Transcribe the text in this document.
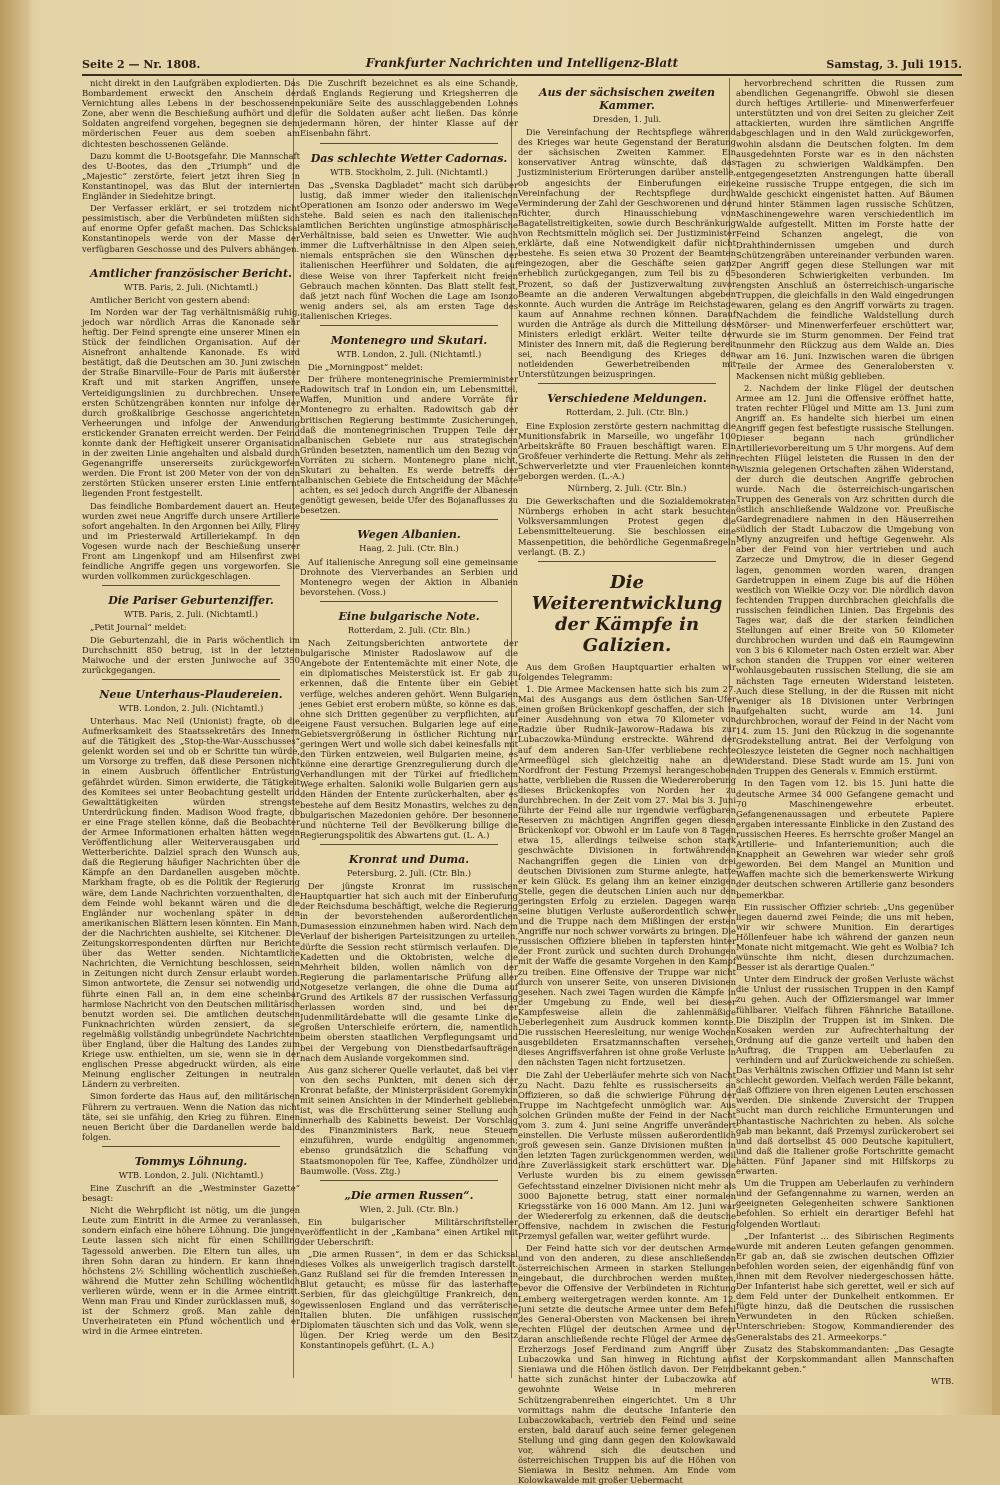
Seite 2 — Nr. 1808.	Frankfurter Nachrichten und Intelligenz-Blatt	Samstag, 3. Juli 1915.

nicht direkt in den Laufgräben explodierten. Das Bombardement erweckt den Anschein der Vernichtung alles Lebens in der beschossenen Zone, aber wenn die Beschießung aufhört und die Soldaten angreifend vorgehen, begegnen sie dem mörderischen Feuer aus dem soeben am dichtesten beschossenen Gelände.

Dazu kommt die U-Bootsgefahr. Die Mannschaft des U-Bootes, das den „Triumph“ und die „Majestic“ zerstörte, feiert jetzt ihren Sieg in Konstantinopel, was das Blut der internierten Engländer in Siedehitze bringt.

Der Verfasser erklärt, er sei trotzdem nicht pessimistisch, aber die Verbündeten müßten sich auf enorme Opfer gefaßt machen. Das Schicksal Konstantinopels werde von der Masse der verfügbaren Geschosse und des Pulvers abhängen.

Amtlicher französischer Bericht.
WTB. Paris, 2. Juli. (Nichtamtl.)

Amtlicher Bericht von gestern abend:

Im Norden war der Tag verhältnismäßig ruhig, jedoch war nördlich Arras die Kanonade sehr heftig. Der Feind sprengte eine unserer Minen ein Stück der feindlichen Organisation. Auf der Aisnefront anhaltende Kanonade. Es wird bestätigt, daß die Deutschen am 30. Juni zwischen der Straße Binarville–Four de Paris mit äußerster Kraft und mit starken Angriffen, unsere Verteidigungslinien zu durchbrechen. Unsere ersten Schützengräben konnten nur infolge der durch großkalibrige Geschosse angerichteten Verheerungen und infolge der Anwendung erstickender Granaten erreicht werden. Der Feind konnte dank der Heftigkeit unserer Organisation in der zweiten Linie angehalten und alsbald durch Gegenangriffe unsererseits zurückgeworfen werden. Die Front ist 200 Meter von der von den zerstörten Stücken unserer ersten Linie entfernt liegenden Front festgestellt.

Das feindliche Bombardement dauert an. Heute wurden zwei neue Angriffe durch unsere Artillerie sofort angehalten. In den Argonnen bei Ailly, Flirey und im Priesterwald Artilleriekampf. In den Vogesen wurde nach der Beschießung unserer Front am Lingenkopf und am Hilsenfirst zwei feindliche Angriffe gegen uns vorgeworfen. Sie wurden vollkommen zurückgeschlagen.

Die Pariser Geburtenziffer.
WTB. Paris, 2. Juli. (Nichtamtl.)

„Petit Journal“ meldet:

Die Geburtenzahl, die in Paris wöchentlich im Durchschnitt 850 betrug, ist in der letzten Maiwoche und der ersten Juniwoche auf 350 zurückgegangen.

Neue Unterhaus-Plaudereien.
WTB. London, 2. Juli. (Nichtamtl.)

Unterhaus. Mac Neil (Unionist) fragte, ob die Aufmerksamkeit des Staatssekretärs des Innern auf die Tätigkeit des „Stop-the-War-Ausschusses“ gelenkt worden sei und ob er Schritte tun würde, um Vorsorge zu treffen, daß diese Personen nicht in einem Ausbruch öffentlicher Entrüstung gefährdet würden. Simon erwiderte, die Tätigkeit des Komitees sei unter Beobachtung gestellt und Gewalttätigkeiten würden strengste Unterdrückung finden. Madison Wood fragte, ob er eine Frage stellen könne, daß die Beobachter der Armee Informationen erhalten hätten wegen Veröffentlichung aller Weiterverausgaben und Wetterberichte. Dalziel sprach den Wunsch aus, daß die Regierung häufiger Nachrichten über die Kämpfe an den Dardanellen ausgeben möchte. Markham fragte, ob es die Politik der Regierung wäre, dem Lande Nachrichten vorzuenthalten, die dem Feinde wohl bekannt wären und die die Engländer nur wochenlang später in den amerikanischen Blättern lesen könnten. Ein Mann, der die Nachrichten aushielte, sei Kitchener. Die Zeitungskorrespondenten dürften nur Berichte über das Wetter senden. Nichtamtliche Nachrichten, die Vernichtung beschlossen, seien in Zeitungen nicht durch Zensur erlaubt worden. Simon antwortete, die Zensur sei notwendig und führte einen Fall an, in dem eine scheinbar harmlose Nachricht von den Deutschen militärisch benutzt worden sei. Die amtlichen deutschen Funknachrichten würden zensiert, da sie regelmäßig vollständig unbegründete Nachrichten über England, über die Haltung des Landes zum Kriege usw. enthielten, um sie, wenn sie in der englischen Presse abgedruckt würden, als eine Meinung englischer Zeitungen in neutralen Ländern zu verbreiten.

Simon forderte das Haus auf, den militärischen Führern zu vertrauen. Wenn die Nation das nicht täte, sei sie unfähig, den Krieg zu führen. Einen neuen Bericht über die Dardanellen werde bald folgen.

Tommys Löhnung.
WTB. London, 2. Juli. (Nichtamtl.)

Eine Zuschrift an die „Westminster Gazette“ besagt:

Nicht die Wehrpflicht ist nötig, um die jungen Leute zum Eintritt in die Armee zu veranlassen, sondern einfach eine höhere Löhnung. Die jungen Leute lassen sich nicht für einen Schilling Tagessold anwerben. Die Eltern tun alles, um ihren Sohn daran zu hindern. Er kann ihnen höchstens 2½ Schilling wöchentlich zuschießen, während die Mutter zehn Schilling wöchentlich verlieren würde, wenn er in die Armee eintritt. Wenn man Frau und Kinder zurücklassen muß, so ist der Schmerz groß. Man zahle den Unverheirateten ein Pfund wöchentlich und er wird in die Armee eintreten.

Die Zuschrift bezeichnet es als eine Schande, daß Englands Regierung und Kriegsherren die pekuniäre Seite des ausschlaggebenden Lohnes für die Soldaten außer acht ließen. Das könne jedermann hören, der hinter Klasse auf der Eisenbahn fährt.

Das schlechte Wetter Cadornas.
WTB. Stockholm, 2. Juli. (Nichtamtl.)

Das „Svenska Dagbladet“ macht sich darüber lustig, daß immer wieder den italienischen Operationen am Isonzo oder anderswo im Wege stehe. Bald seien es nach den italienischen amtlichen Berichten ungünstige atmosphärische Verhältnisse, bald seien es Unwetter. Wie auch immer die Luftverhältnisse in den Alpen seien, niemals entsprächen sie den Wünschen der italienischen Heerführer und Soldaten, die auf diese Weise von ihrer Tapferkeit nicht freien Gebrauch machen könnten. Das Blatt stellt fest, daß jetzt nach fünf Wochen die Lage am Isonzo wenig anders sei, als am ersten Tage des italienischen Krieges.

Montenegro und Skutari.
WTB. London, 2. Juli. (Nichtamtl.)

Die „Morningpost“ meldet:

Der frühere montenegrinische Premierminister Radowitsch traf in London ein, um Lebensmittel, Waffen, Munition und andere Vorräte für Montenegro zu erhalten. Radowitsch gab der britischen Regierung bestimmte Zusicherungen, daß die montenegrinischen Truppen Teile der albanischen Gebiete nur aus strategischen Gründen besetzten, namentlich um den Bezug von Vorräten zu sichern. Montenegro plane nicht, Skutari zu behalten. Es werde betreffs der albanischen Gebiete die Entscheidung der Mächte achten, es sei jedoch durch Angriffe der Albanesen genötigt gewesen, beide Ufer des Bojanaflusses zu besetzen.

Wegen Albanien.
Haag, 2. Juli. (Ctr. Bln.)

Auf italienische Anregung soll eine gemeinsame Drohnote des Vierverbandes an Serbien und Montenegro wegen der Aktion in Albanien bevorstehen. (Voss.)

Eine bulgarische Note.
Rotterdam, 2. Juli. (Ctr. Bln.)

Nach Zeitungsberichten antwortete der bulgarische Minister Radoslawow auf die Angebote der Ententemächte mit einer Note, die ein diplomatisches Meisterstück ist. Er gab zu erkennen, daß die Entente über ein Gebiet verfüge, welches anderen gehört. Wenn Bulgarien jenes Gebiet erst erobern müßte, so könne es das, ohne sich Dritten gegenüber zu verpflichten, auf eigene Faust versuchen. Bulgarien lege auf eine Gebietsvergrößerung in östlicher Richtung nur geringen Wert und wolle sich dabei keinesfalls mit den Türken entzweien, weil Bulgarien meine, es könne eine derartige Grenzregulierung durch die Verhandlungen mit der Türkei auf friedlichem Wege erhalten. Saloniki wolle Bulgarien gern aus den Händen der Entente zurückerhalten, aber es bestehe auf dem Besitz Monastirs, welches zu den bulgarischen Mazedonien gehöre. Der besonnene und nüchterne Teil der Bevölkerung billige die Regierungspolitik des Abwartens gut. (L. A.)

Kronrat und Duma.
Petersburg, 2. Juli. (Ctr. Bln.)

Der jüngste Kronrat im russischen Hauptquartier hat sich auch mit der Einberufung der Reichsduma beschäftigt, welche die Regierung in der bevorstehenden außerordentlichen Dumasession einzunehmen haben wird. Nach dem Verlauf der bisherigen Parteisitzungen zu urteilen, dürfte die Session recht stürmisch verlaufen. Die Kadetten und die Oktobristen, welche die Mehrheit bilden, wollen nämlich von der Regierung die parlamentarische Prüfung aller Notgesetze verlangen, die ohne die Duma auf Grund des Artikels 87 der russischen Verfassung erlassen worden sind, und bei der Judenmilitärdebatte will die gesamte Linke die großen Unterschleife erörtern, die, namentlich beim obersten staatlichen Verpflegungsamt und bei der Vergebung von Dienstbedarfsaufträgen nach dem Auslande vorgekommen sind.

Aus ganz sicherer Quelle verlautet, daß bei vier von den sechs Punkten, mit denen sich der Kronrat befaßte, der Ministerpräsident Goremykin mit seinen Ansichten in der Minderheit geblieben ist, was die Erschütterung seiner Stellung auch innerhalb des Kabinetts beweist. Der Vorschlag des Finanzministers Bark, neue Steuern einzuführen, wurde endgültig angenommen; ebenso grundsätzlich die Schaffung von Staatsmonopolen für Tee, Kaffee, Zündhölzer und Baumwolle. (Voss. Ztg.)

„Die armen Russen“.
Wien, 2. Juli. (Ctr. Bln.)

Ein bulgarischer Militärschriftsteller veröffentlicht in der „Kambana“ einen Artikel mit der Ueberschrift:

„Die armen Russen“, in dem er das Schicksal dieses Volkes als unweigerlich tragisch darstellt. Ganz Rußland sei für die fremden Interessen in Blut getaucht; es müsse für das lasterhafte Serbien, für das gleichgültige Frankreich, den gewissenlosen England und das verräterische Italien bluten. Die unfähigen russischen Diplomaten täuschten sich und das Volk, wenn sie lügen. Der Krieg werde um den Besitz Konstantinopels geführt. (L. A.)

Aus der sächsischen zweiten Kammer.
Dresden, 1. Juli.

Die Vereinfachung der Rechtspflege während des Krieges war heute Gegenstand der Beratung der sächsischen Zweiten Kammer. Ein konservativer Antrag wünschte, daß das Justizministerium Erörterungen darüber anstelle, ob angesichts der Einberufungen eine Vereinfachung der Rechtspflege durch Verminderung der Zahl der Geschworenen und der Richter, durch Hinausschiebung von Bagatellstreitigkeiten, sowie durch Beschränkung von Rechtsmitteln möglich sei. Der Justizminister erklärte, daß eine Notwendigkeit dafür nicht bestehe. Es seien etwa 30 Prozent der Beamten eingezogen, aber die Geschäfte seien ganz erheblich zurückgegangen, zum Teil bis zu 65 Prozent, so daß der Justizverwaltung zuvor Beamte an die anderen Verwaltungen abgeben konnte. Auch wurden die Anträge im Reichstage kaum auf Annahme rechnen können. Darauf wurden die Anträge als durch die Mitteilung des Ministers erledigt erklärt. Weiter teilte der Minister des Innern mit, daß die Regierung bereit sei, nach Beendigung des Krieges den notleidenden Gewerbetreibenden mit Unterstützungen beizuspringen.

Verschiedene Meldungen.
Rotterdam, 2. Juli. (Ctr. Bln.)

Eine Explosion zerstörte gestern nachmittag die Munitionsfabrik in Marseille, wo ungefähr 100 Arbeitskräfte 80 Frauen beschäftigt waren. Ein Großfeuer verhinderte die Rettung. Mehr als zehn Schwerverletzte und vier Frauenleichen konnten geborgen werden. (L.-A.)

Nürnberg, 2. Juli. (Ctr. Bln.)

Die Gewerkschaften und die Sozialdemokraten Nürnbergs erhoben in acht stark besuchten Volksversammlungen Protest gegen die Lebensmittelteuerung. Sie beschlossen eine Massenpetition, die behördliche Gegenmaßregeln verlangt. (B. Z.)

Die Weiterentwicklung der Kämpfe in Galizien.

Aus dem Großen Hauptquartier erhalten wir folgendes Telegramm:

1. Die Armee Mackensen hatte sich bis zum 27. Mai des Ausgangs aus dem östlichen San-Ufer einen großen Brückenkopf geschaffen, der sich in einer Ausdehnung von etwa 70 Kilometer von Radzie über Rudnik–Jaworow–Radawa bis zur Lubaczowka-Mündung erstreckte. Während der auf dem anderen San-Ufer verbliebene rechte Armeeflügel sich gleichzeitig nahe an die Nordfront der Festung Przemysl herangeschoben hatte, verblieben die Russen die Wiedereroberung dieses Brückenkopfes von Norden her zu durchbrechen. In der Zeit vom 27. Mai bis 3. Juni führte der Feind alle nur irgendwie verfügbaren Reserven zu mächtigen Angriffen gegen diesen Brückenkopf vor. Obwohl er im Laufe von 8 Tagen etwa 15, allerdings teilweise schon stark geschwächte Divisionen in fortwährenden Nachangriffen gegen die Linien von drei deutschen Divisionen zum Sturme anlegte, hatte er kein Glück. Es gelang ihm an keiner einzigen Stelle, gegen die deutschen Linien auch nur den geringsten Erfolg zu erzielen. Dagegen waren seine blutigen Verluste außerordentlich schwer und die Truppe nach dem Mißlingen der ersten Angriffe nur noch schwer vorwärts zu bringen. Die russischen Offiziere blieben in tapfersten hinter der Front zurück und suchten durch Drohungen mit der Waffe die gesamte Vorgehen in den Kampf zu treiben. Eine Offensive der Truppe war nicht durch von unserer Seite, von unseren Divisionen gesehen. Nach zwei Tagen wurden die Kämpfe in der Umgebung zu Ende, weil bei dieser Kampfesweise allein die zahlenmäßige Ueberlegenheit zum Ausdruck kommen konnte. Die russischen Heeresleitung, nur wenige Wochen ausgebildeten Ersatzmannschaften versehen, dieses Angriffsverfahren ist ohne große Verluste in den nächsten Tagen nicht fortzusetzen.

Die Zahl der Ueberläufer mehrte sich von Nacht zu Nacht. Dazu fehlte es russischerseits an Offizieren, so daß die schwierige Führung der Truppe im Nachtgefecht unmöglich war. Aus solchen Gründen mußte der Feind in der Nacht vom 3. zum 4. Juni seine Angriffe unverändert einstellen. Die Verluste müssen außerordentlich groß gewesen sein. Ganze Divisionen mußten in den letzten Tagen zurückgenommen werden, weil ihre Zuverlässigkeit stark erschüttert war. Die Verluste wurden bis zu einem gewissen Gefechtsstand einzelner Divisionen nicht mehr als 3000 Bajonette betrug, statt einer normalen Kriegsstärke von 16 000 Mann. Am 12. Juni war der Wiedererfolg zu erkennen, daß die deutsche Offensive, nachdem in zwischen die Festung Przemysl gefallen war, weiter geführt wurde.

Der Feind hatte sich vor der deutschen Armee und von den anderen, zu diese anschließenden österreichischen Armeen in starken Stellungen eingebaut, die durchbrochen werden mußten, bevor die Offensive der Verbündeten in Richtung Lemberg weitergetragen werden konnte. Am 12. Juni setzte die deutsche Armee unter dem Befehl des General-Obersten von Mackensen bei ihrem rechten Flügel der deutschen Armee und der daran anschließende rechte Flügel der Armee des Erzherzogs Josef Ferdinand zum Angriff über Lubaczowka und San hinweg in Richtung auf Sieniawa und die Höhen östlich davon. Der Feind hatte sich zunächst hinter der Lubaczowka auf gewohnte Weise in mehreren Schützengrabenreihen eingerichtet. Um 8 Uhr vormittags nahm die deutsche Infanterie den Lubaczowkabach, vertrieb den Feind und seine ersten, bald darauf auch seine ferner gelegenen Stellung und ging dann gegen den Kolowkawald vor, während sich die deutschen und österreichischen Truppen bis auf die Höhen von Sieniawa in Besitz nehmen. Am Ende vom Kolowkawalde mit großer Uebermacht

hervorbrechend schritten die Russen zum abendlichen Gegenangriffe. Obwohl sie diesen durch heftiges Artillerie- und Minenwerferfeuer unterstützten und von drei Seiten zu gleicher Zeit attackierten, wurden ihre sämtlichen Angriffe abgeschlagen und in den Wald zurückgeworfen, wohin alsdann die Deutschen folgten. Im dem ausgedehnten Forste war es in den nächsten Tagen zu schwierigen Waldkämpfen. Den entgegengesetzten Anstrengungen hatte überall keine russische Truppe entgegen, die sich im Walde geschickt eingenistet hatten. Auf Bäumen und hinter Stämmen lagen russische Schützen, Maschinengewehre waren verschiedentlich im Walde aufgestellt. Mitten im Forste hatte der Feind Schanzen angelegt, die von Drahthindernissen umgeben und durch Schützengräben untereinander verbunden waren. Der Angriff gegen diese Stellungen war mit besonderen Schwierigkeiten verbunden. Im engsten Anschluß an österreichisch-ungarische Truppen, die gleichfalls in den Wald eingedrungen waren, gelang es den Angriff vorwärts zu tragen. Nachdem die feindliche Waldstellung durch Mörser- und Minenwerferfeuer erschüttert war, wurde sie im Sturm genommen. Der Feind trat nunmehr den Rückzug aus dem Walde an. Dies war am 16. Juni. Inzwischen waren die übrigen Teile der Armee des Generalobersten v. Mackensen nicht müßig geblieben.

2. Nachdem der linke Flügel der deutschen Armee am 12. Juni die Offensive eröffnet hatte, traten rechter Flügel und Mitte am 13. Juni zum Angriff an. Es handelte sich hierbei um einen Angriff gegen fest befestigte russische Stellungen. Dieser begann nach gründlicher Artillerievorbereitung um 5 Uhr morgens. Auf dem rechten Flügel leisteten die Russen in den der Wisznia gelegenen Ortschaften zähen Widerstand, der durch die deutschen Angriffe gebrochen wurde. Nach die österreichisch-ungarischen Truppen des Generals von Arz schritten durch die östlich anschließende Waldzone vor. Preußische Gardegrenadiere nahmen in den Häuserreihen südlich der Stadt Lubaczow die Umgebung von Mlyny anzugreifen und heftige Gegenwehr. Als aber der Feind von hier vertrieben und auch Zarzecze und Dmytrow, die in dieser Gegend lagen, genommen worden waren, drangen Gardetruppen in einem Zuge bis auf die Höhen westlich von Wielkie Oczy vor. Die nördlich davon fechtenden Truppen durchbrachen gleichfalls die russischen feindlichen Linien. Das Ergebnis des Tages war, daß die der starken feindlichen Stellungen auf einer Breite von 50 Kilometer durchbrochen wurden und daß ein Raumgewinn von 3 bis 6 Kilometer nach Osten erzielt war. Aber schon standen die Truppen vor einer weiteren wohlausgebauten russischen Stellung, die sie am nächsten Tage erneuten Widerstand leisteten. Auch diese Stellung, in der die Russen mit nicht weniger als 18 Divisionen unter Verbringen aufgehalten sucht, wurde am 14. Juni durchbrochen, worauf der Feind in der Nacht vom 14. zum 15. Juni den Rückzug in die sogenannte Grodekstellung antrat. Bei der Verfolgung von Oleszyce leisteten die Gegner noch nachhaltigen Widerstand. Diese Stadt wurde am 15. Juni von den Truppen des Generals v. Emmich erstürmt.

In den Tagen vom 12. bis 15. Juni hatte die deutsche Armee 34 000 Gefangene gemacht und 70 Maschinengewehre erbeutet. Gefangenenaussagen und erbeutete Papiere ergaben interessante Einblicke in den Zustand des russischen Heeres. Es herrschte großer Mangel an Artillerie- und Infanteriemunition; auch die Knappheit an Gewehren war wieder sehr groß geworden. Bei dem Mangel an Munition und Waffen machte sich die bemerkenswerte Wirkung der deutschen schweren Artillerie ganz besonders bemerkbar.

Ein russischer Offizier schrieb: „Uns gegenüber liegen dauernd zwei Feinde; die uns mit heben, wir wir schwere Munition. Ein derartiges Höllenfeuer habe ich während der ganzen neun Monate nicht mitgemacht. Wie geht es Wolbia? Ich wünschte ihm nicht, diesen durchzumachen. Besser ist als derartige Qualen.“

Unter dem Eindruck der großen Verluste wächst die Unlust der russischen Truppen in den Kampf zu gehen. Auch der Offiziersmangel war immer fühlbarer. Vielfach führen Fähnriche Bataillone. Die Disziplin der Truppen ist im Sinken. Die Kosaken werden zur Aufrechterhaltung der Ordnung auf die ganze verteilt und haben den Auftrag, die Truppen am Ueberlaufen zu verhindern und auf Zurückweichende zu schießen. Das Verhältnis zwischen Offizier und Mann ist sehr schlecht geworden. Vielfach werden Fälle bekannt, daß Offiziere von ihren eigenen Leuten erschossen werden. Die sinkende Zuversicht der Truppen sucht man durch reichliche Ermunterungen und phantastische Nachrichten zu heben. Als solche gab man bekannt, daß Przemysl zurückerobert sei und daß dortselbst 45 000 Deutsche kapituliert, und daß die Italiener große Fortschritte gemacht hätten. Fünf Japaner sind mit Hilfskorps zu erwarten.

Um die Truppen am Ueberlaufen zu verhindern und der Gefangennahme zu warnen, werden an geeigneten Gelegenheiten schwere Sanktionen befohlen. So erhielt ein derartiger Befehl hat folgenden Wortlaut:

„Der Infanterist ... des Sibirischen Regiments wurde mit anderen Leuten gefangen genommen. Er gab an, daß sie zwischen deutschen Offizier befohlen worden seien, der eigenhändig fünf von ihnen mit dem Revolver niedergeschossen hätte. Der Infanterist habe sich gerettet, weil er sich auf dem Feld unter der Dunkelheit entkommen. Er fügte hinzu, daß die Deutschen die russischen Verwundeten in den Rücken schießen. Unterschrieben: Stogow, Kommandierender des Generalstabs des 21. Armeekorps.“

Zusatz des Stabskommandanten: „Das Gesagte ist der Korpskommandant allen Mannschaften bekannt geben.“

WTB.
